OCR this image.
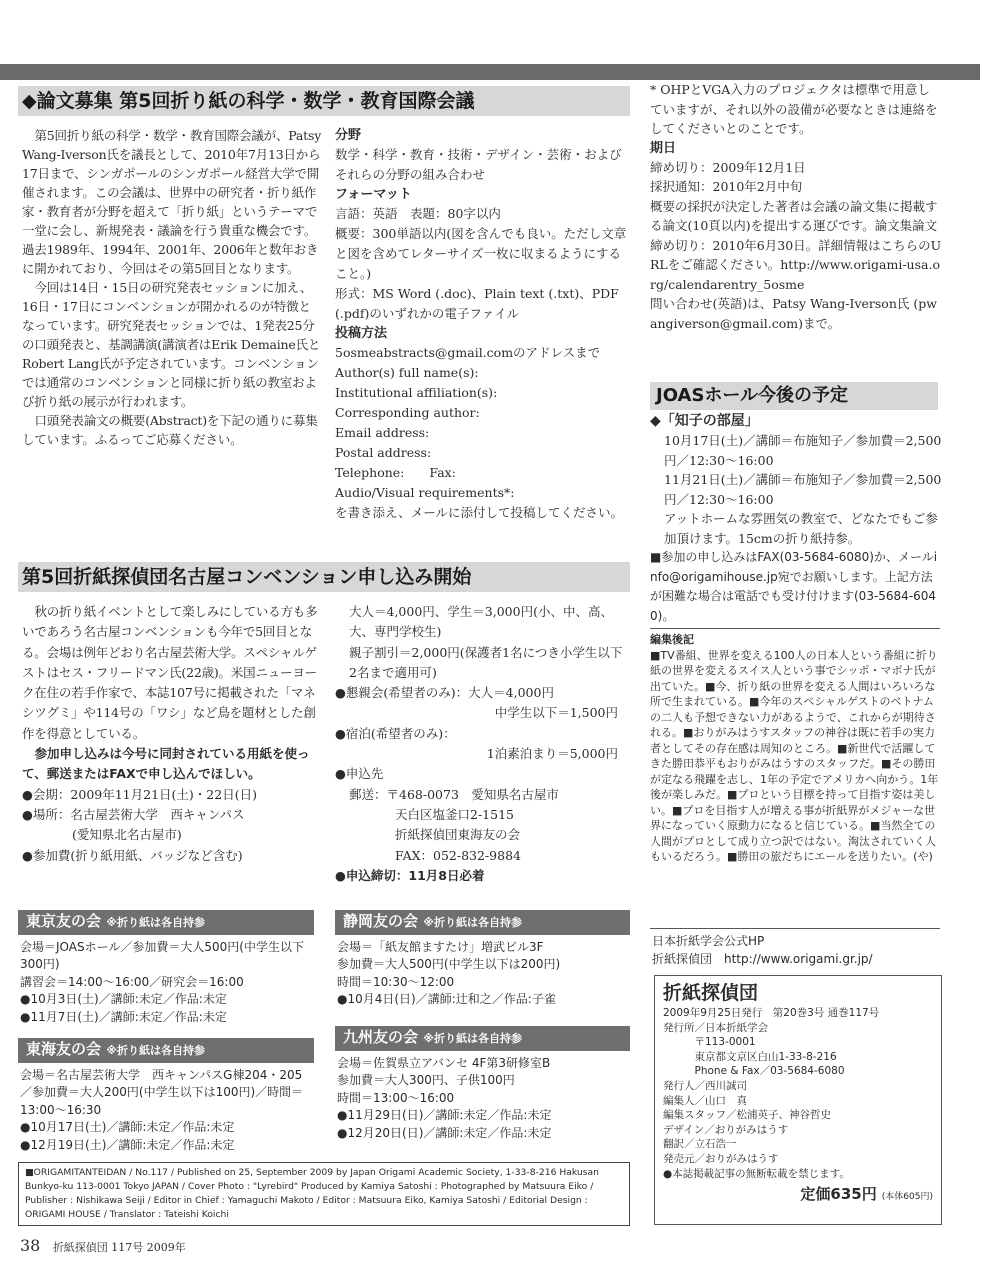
◆論文募集 第5回折り紙の科学・数学・教育国際会議

第5回折り紙の科学・数学・教育国際会議が、Patsy Wang-Iverson氏を議長として、2010年7月13日から17日まで、シンガポールのシンガポール経営大学で開催されます。この会議は、世界中の研究者・折り紙作家・教育者が分野を超えて「折り紙」というテーマで一堂に会し、新規発表・議論を行う貴重な機会です。過去1989年、1994年、2001年、2006年と数年おきに開かれており、今回はその第5回目となります。

今回は14日・15日の研究発表セッションに加え、16日・17日にコンベンションが開かれるのが特徴となっています。研究発表セッションでは、1発表25分の口頭発表と、基調講演(講演者はErik Demaine氏とRobert Lang氏が予定されています。コンベンションでは通常のコンベンションと同様に折り紙の教室および折り紙の展示が行われます。

口頭発表論文の概要(Abstract)を下記の通りに募集しています。ふるってご応募ください。

分野
数学・科学・教育・技術・デザイン・芸術・およびそれらの分野の組み合わせ
フォーマット
言語：英語　表題：80字以内
概要：300単語以内(図を含んでも良い。ただし文章と図を含めてレターサイズ一枚に収まるようにすること。)
形式：MS Word (.doc)、Plain text (.txt)、PDF (.pdf)のいずれかの電子ファイル
投稿方法
5osmeabstracts@gmail.comのアドレスまで
Author(s) full name(s):
Institutional affiliation(s):
Corresponding author:
Email address:
Postal address:
Telephone:　　Fax:
Audio/Visual requirements*:
を書き添え、メールに添付して投稿してください。
* OHPとVGA入力のプロジェクタは標準で用意していますが、それ以外の設備が必要なときは連絡をしてくださいとのことです。
期日
締め切り：2009年12月1日
採択通知：2010年2月中旬
概要の採択が決定した著者は会議の論文集に掲載する論文(10頁以内)を提出する運びです。論文集論文締め切り：2010年6月30日。詳細情報はこちらのURLをご確認ください。http://www.origami-usa.org/calendarentry_5osme
問い合わせ(英語)は、Patsy Wang-Iverson氏 (pwangiverson@gmail.com)まで。
JOASホール今後の予定
◆「知子の部屋」
10月17日(土)／講師＝布施知子／参加費＝2,500円／12:30〜16:00
11月21日(土)／講師＝布施知子／参加費＝2,500円／12:30〜16:00
アットホームな雰囲気の教室で、どなたでもご参加頂けます。15cmの折り紙持参。
■参加の申し込みはFAX(03-5684-6080)か、メールinfo@origamihouse.jp宛でお願いします。上記方法が困難な場合は電話でも受け付けます(03-5684-6040)。
編集後記
■TV番組、世界を変える100人の日本人という番組に折り紙の世界を変えるスイス人という事でシッポ・マボナ氏が出ていた。■今、折り紙の世界を変える人間はいろいろな所で生まれている。■今年のスペシャルゲストのベトナムの二人も予想できない力があるようで、これからが期待される。■おりがみはうすスタッフの神谷は既に若手の実力者としてその存在感は周知のところ。■新世代で活躍してきた勝田恭平もおりがみはうすのスタッフだ。■その勝田が定なる飛躍を志し、1年の予定でアメリカへ向かう。1年後が楽しみだ。■プロという目標を持って目指す姿は美しい。■プロを目指す人が増える事が折紙界がメジャーな世界になっていく原動力になると信じている。■当然全ての人間がプロとして成り立つ訳ではない。淘汰されていく人もいるだろう。■勝田の旅だちにエールを送りたい。(や)
日本折紙学会公式HP
折紙探偵団　http://www.origami.gr.jp/
折紙探偵団
2009年9月25日発行　第20巻3号 通巻117号
発行所／日本折紙学会
〒113-0001
東京都文京区白山1-33-8-216
Phone & Fax／03-5684-6080
発行人／西川誠司
編集人／山口　真
編集スタッフ／松浦英子、神谷哲史
デザイン／おりがみはうす
翻訳／立石浩一
発売元／おりがみはうす
●本誌掲載記事の無断転載を禁じます。
定価635円 (本体605円)
第5回折紙探偵団名古屋コンベンション申し込み開始

秋の折り紙イベントとして楽しみにしている方も多いであろう名古屋コンベンションも今年で5回目となる。会場は例年どおり名古屋芸術大学。スペシャルゲストはセス・フリードマン氏(22歳)。米国ニューヨーク在住の若手作家で、本誌107号に掲載された「マネシツグミ」や114号の「ワシ」など鳥を題材とした創作を得意としている。

参加申し込みは今号に同封されている用紙を使って、郵送またはFAXで申し込んでほしい。

●会期：2009年11月21日(土)・22日(日)
●場所：名古屋芸術大学　西キャンパス
(愛知県北名古屋市)
●参加費(折り紙用紙、バッジなど含む)
大人＝4,000円、学生＝3,000円(小、中、高、大、専門学校生)
親子割引＝2,000円(保護者1名につき小学生以下2名まで適用可)
●懇親会(希望者のみ)：大人＝4,000円
中学生以下＝1,500円
●宿泊(希望者のみ)：
1泊素泊まり＝5,000円
●申込先
郵送：〒468-0073　愛知県名古屋市
天白区塩釜口2-1515
折紙探偵団東海友の会
FAX：052-832-9884
●申込締切：11月8日必着
東京友の会 ※折り紙は各自持参
会場＝JOASホール／参加費＝大人500円(中学生以下300円)
講習会＝14:00〜16:00／研究会＝16:00
●10月3日(土)／講師:未定／作品:未定
●11月7日(土)／講師:未定／作品:未定
東海友の会 ※折り紙は各自持参
会場＝名古屋芸術大学　西キャンパスG棟204・205／参加費＝大人200円(中学生以下は100円)／時間＝13:00〜16:30
●10月17日(土)／講師:未定／作品:未定
●12月19日(土)／講師:未定／作品:未定
静岡友の会 ※折り紙は各自持参
会場＝「紙友館ますたけ」増武ビル3F
参加費＝大人500円(中学生以下は200円)
時間＝10:30〜12:00
●10月4日(日)／講師:辻和之／作品:子雀
九州友の会 ※折り紙は各自持参
会場＝佐賀県立アバンセ 4F第3研修室B
参加費＝大人300円、子供100円
時間＝13:00〜16:00
●11月29日(日)／講師:未定／作品:未定
●12月20日(日)／講師:未定／作品:未定
■ORIGAMITANTEIDAN / No.117 / Published on 25, September 2009 by Japan Origami Academic Society, 1-33-8-216 Hakusan Bunkyo-ku 113-0001 Tokyo JAPAN / Cover Photo : "Lyrebird" Produced by Kamiya Satoshi : Photographed by Matsuura Eiko / Publisher : Nishikawa Seiji / Editor in Chief : Yamaguchi Makoto / Editor : Matsuura Eiko, Kamiya Satoshi / Editorial Design : ORIGAMI HOUSE / Translator : Tateishi Koichi
38 折紙探偵団 117号 2009年
